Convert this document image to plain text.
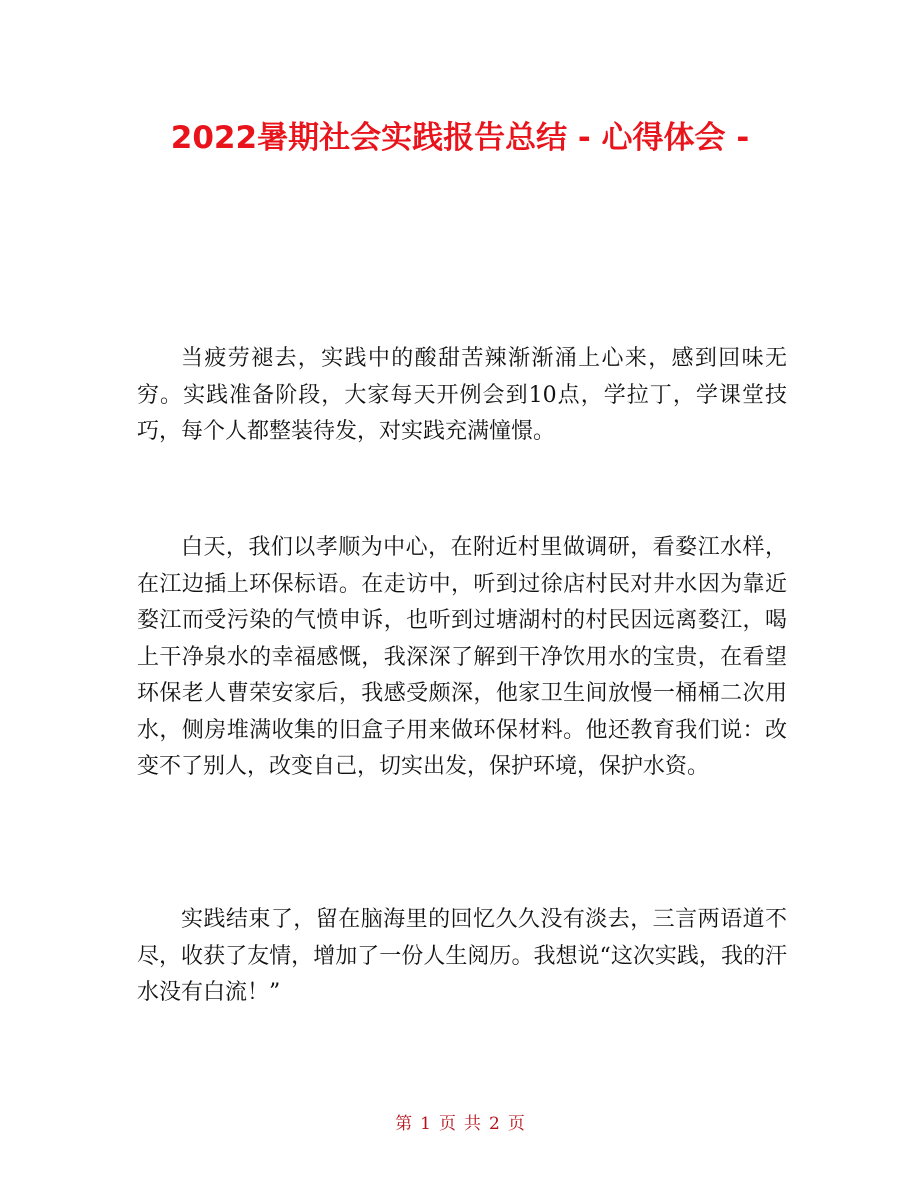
2022暑期社会实践报告总结 - 心得体会 -

当疲劳褪去，实践中的酸甜苦辣渐渐涌上心来，感到回味无穷。实践准备阶段，大家每天开例会到10点，学拉丁，学课堂技巧，每个人都整装待发，对实践充满憧憬。

白天，我们以孝顺为中心，在附近村里做调研，看婺江水样，在江边插上环保标语。在走访中，听到过徐店村民对井水因为靠近婺江而受污染的气愤申诉，也听到过塘湖村的村民因远离婺江，喝上干净泉水的幸福感慨，我深深了解到干净饮用水的宝贵，在看望环保老人曹荣安家后，我感受颇深，他家卫生间放慢一桶桶二次用水，侧房堆满收集的旧盒子用来做环保材料。他还教育我们说：改变不了别人，改变自己，切实出发，保护环境，保护水资。

实践结束了，留在脑海里的回忆久久没有淡去，三言两语道不尽，收获了友情，增加了一份人生阅历。我想说“这次实践，我的汗水没有白流！”

第 1 页 共 2 页
